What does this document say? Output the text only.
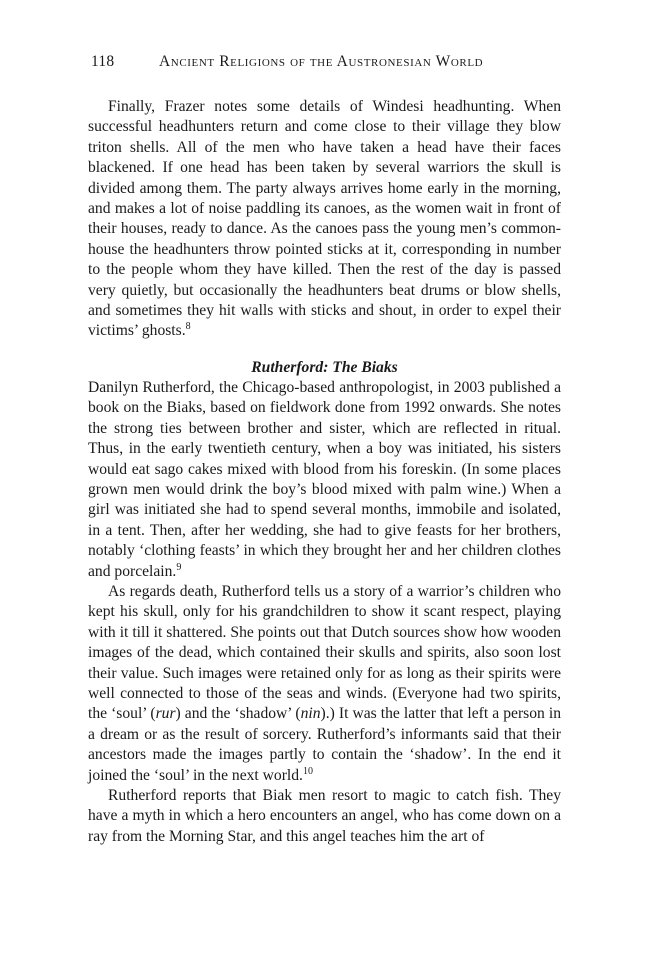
118	Ancient Religions of the Austronesian World

Finally, Frazer notes some details of Windesi headhunting. When successful headhunters return and come close to their village they blow triton shells. All of the men who have taken a head have their faces blackened. If one head has been taken by several warriors the skull is divided among them. The party always arrives home early in the morning, and makes a lot of noise paddling its canoes, as the women wait in front of their houses, ready to dance. As the canoes pass the young men’s common-house the headhunters throw pointed sticks at it, corresponding in number to the people whom they have killed. Then the rest of the day is passed very quietly, but occasionally the headhunters beat drums or blow shells, and sometimes they hit walls with sticks and shout, in order to expel their victims’ ghosts.$^8$

Rutherford: The Biaks

Danilyn Rutherford, the Chicago-based anthropologist, in 2003 published a book on the Biaks, based on fieldwork done from 1992 onwards. She notes the strong ties between brother and sister, which are reflected in ritual. Thus, in the early twentieth century, when a boy was initiated, his sisters would eat sago cakes mixed with blood from his foreskin. (In some places grown men would drink the boy’s blood mixed with palm wine.) When a girl was initiated she had to spend several months, immobile and isolated, in a tent. Then, after her wedding, she had to give feasts for her brothers, notably ‘clothing feasts’ in which they brought her and her children clothes and porcelain.$^9$

As regards death, Rutherford tells us a story of a warrior’s children who kept his skull, only for his grandchildren to show it scant respect, playing with it till it shattered. She points out that Dutch sources show how wooden images of the dead, which contained their skulls and spirits, also soon lost their value. Such images were retained only for as long as their spirits were well connected to those of the seas and winds. (Everyone had two spirits, the ‘soul’ (rur) and the ‘shadow’ (nin).) It was the latter that left a person in a dream or as the result of sorcery. Rutherford’s informants said that their ancestors made the images partly to contain the ‘shadow’. In the end it joined the ‘soul’ in the next world.$^{10}$

Rutherford reports that Biak men resort to magic to catch fish. They have a myth in which a hero encounters an angel, who has come down on a ray from the Morning Star, and this angel teaches him the art of
